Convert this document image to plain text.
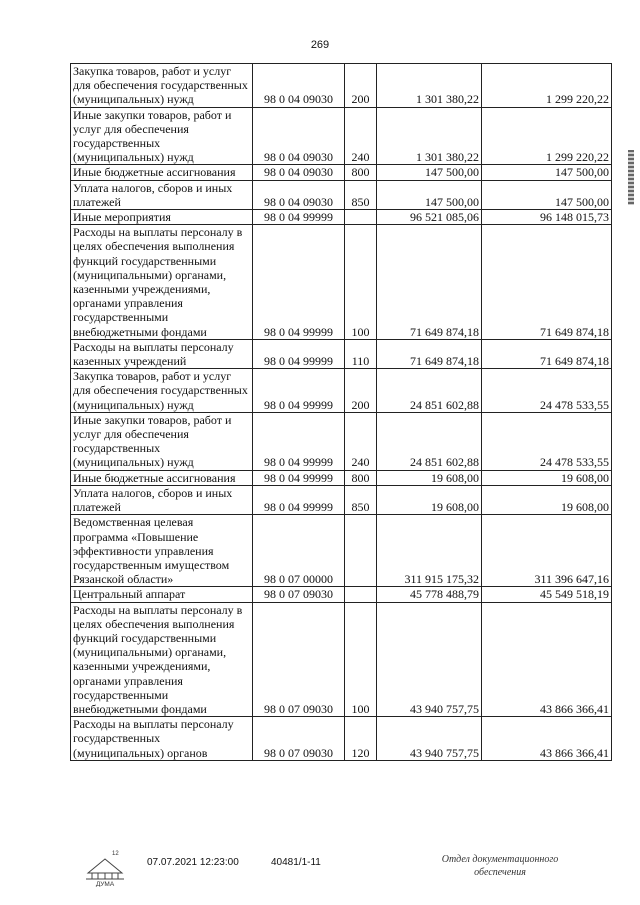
269
Закупка товаров, работ и услуг для обеспечения государственных (муниципальных) нужд	98 0 04 09030	200	1 301 380,22	1 299 220,22
Иные закупки товаров, работ и услуг для обеспечения государственных (муниципальных) нужд	98 0 04 09030	240	1 301 380,22	1 299 220,22
Иные бюджетные ассигнования	98 0 04 09030	800	147 500,00	147 500,00
Уплата налогов, сборов и иных платежей	98 0 04 09030	850	147 500,00	147 500,00
Иные мероприятия	98 0 04 99999		96 521 085,06	96 148 015,73
Расходы на выплаты персоналу в целях обеспечения выполнения функций государственными (муниципальными) органами, казенными учреждениями, органами управления государственными внебюджетными фондами	98 0 04 99999	100	71 649 874,18	71 649 874,18
Расходы на выплаты персоналу казенных учреждений	98 0 04 99999	110	71 649 874,18	71 649 874,18
Закупка товаров, работ и услуг для обеспечения государственных (муниципальных) нужд	98 0 04 99999	200	24 851 602,88	24 478 533,55
Иные закупки товаров, работ и услуг для обеспечения государственных (муниципальных) нужд	98 0 04 99999	240	24 851 602,88	24 478 533,55
Иные бюджетные ассигнования	98 0 04 99999	800	19 608,00	19 608,00
Уплата налогов, сборов и иных платежей	98 0 04 99999	850	19 608,00	19 608,00
Ведомственная целевая программа «Повышение эффективности управления государственным имуществом Рязанской области»	98 0 07 00000		311 915 175,32	311 396 647,16
Центральный аппарат	98 0 07 09030		45 778 488,79	45 549 518,19
Расходы на выплаты персоналу в целях обеспечения выполнения функций государственными (муниципальными) органами, казенными учреждениями, органами управления государственными внебюджетными фондами	98 0 07 09030	100	43 940 757,75	43 866 366,41
Расходы на выплаты персоналу государственных (муниципальных) органов	98 0 07 09030	120	43 940 757,75	43 866 366,41
12
ДУМА
07.07.2021 12:23:00	40481/1-11	Отдел документационного
обеспечения
